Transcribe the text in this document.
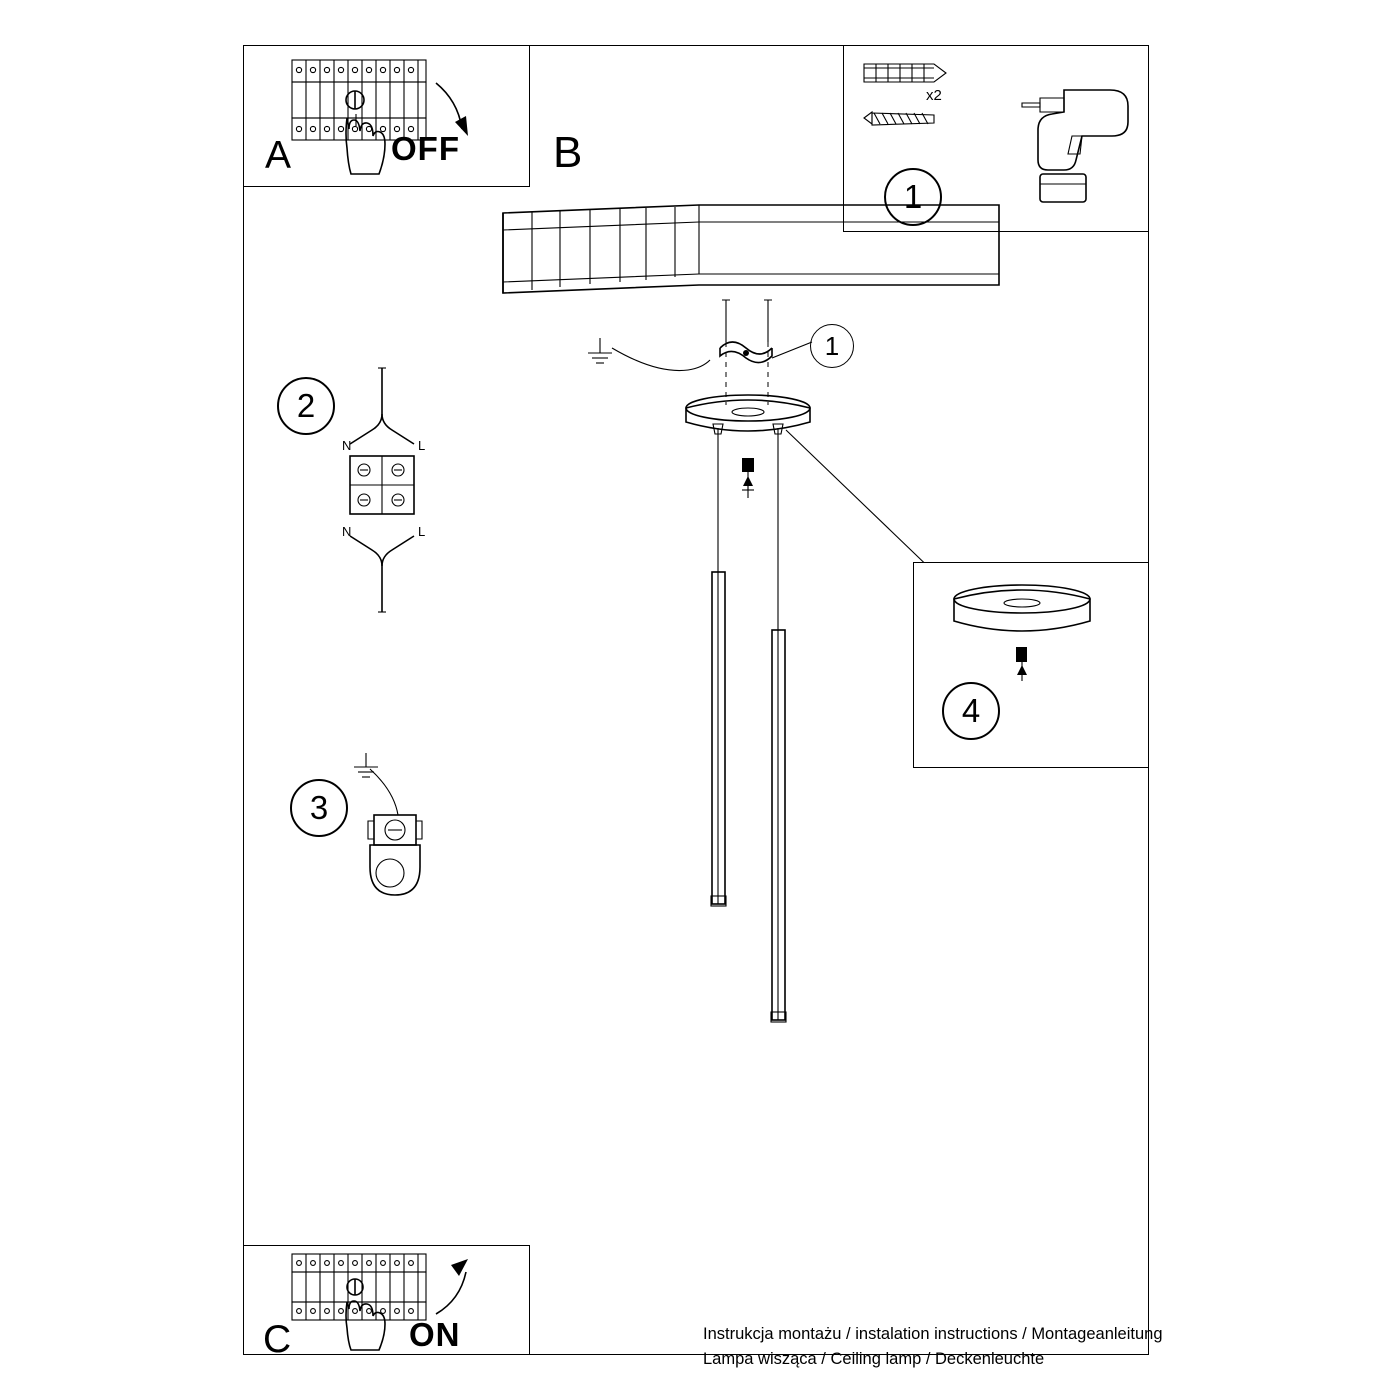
A	OFF B
x2
1
1
4
2
N	L
N	L
3
C	ON	Instrukcja montażu / instalation instructions / Montageanleitung
Lampa wisząca / Ceiling lamp / Deckenleuchte
